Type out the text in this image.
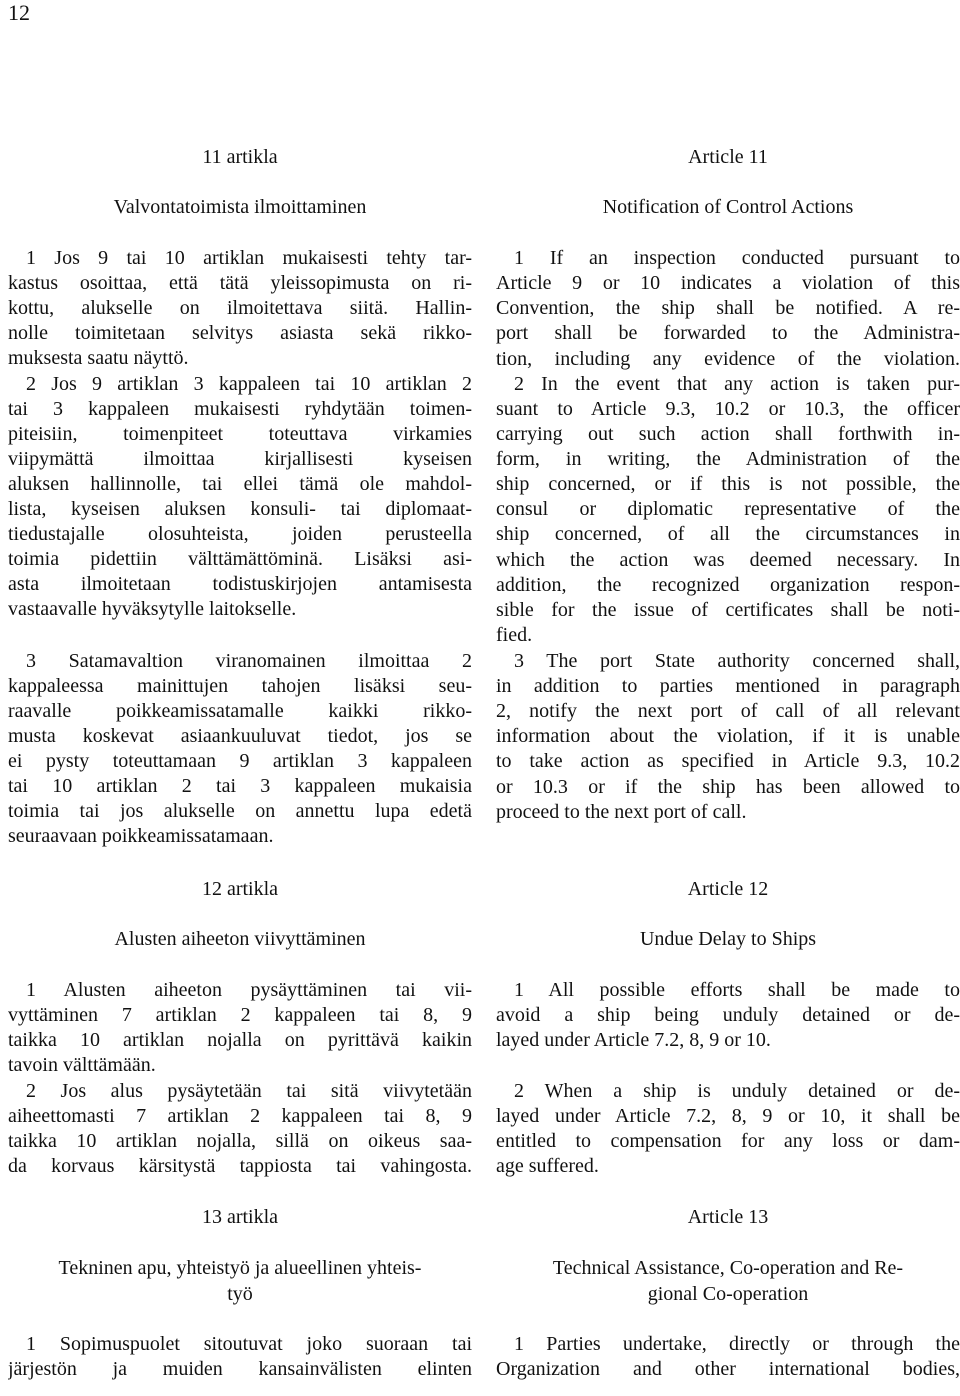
12
11 artikla
Valvontatoimista ilmoittaminen
1 Jos 9 tai 10 artiklan mukaisesti tehty tar-
kastus osoittaa, että tätä yleissopimusta on ri-
kottu, alukselle on ilmoitettava siitä. Hallin-
nolle toimitetaan selvitys asiasta sekä rikko-
muksesta saatu näyttö.
2 Jos 9 artiklan 3 kappaleen tai 10 artiklan 2
tai 3 kappaleen mukaisesti ryhdytään toimen-
piteisiin, toimenpiteet toteuttava virkamies
viipymättä ilmoittaa kirjallisesti kyseisen
aluksen hallinnolle, tai ellei tämä ole mahdol-
lista, kyseisen aluksen konsuli- tai diplomaat-
tiedustajalle olosuhteista, joiden perusteella
toimia pidettiin välttämättöminä. Lisäksi asi-
asta ilmoitetaan todistuskirjojen antamisesta
vastaavalle hyväksytylle laitokselle.
3 Satamavaltion viranomainen ilmoittaa 2
kappaleessa mainittujen tahojen lisäksi seu-
raavalle poikkeamissatamalle kaikki rikko-
musta koskevat asiaankuuluvat tiedot, jos se
ei pysty toteuttamaan 9 artiklan 3 kappaleen
tai 10 artiklan 2 tai 3 kappaleen mukaisia
toimia tai jos alukselle on annettu lupa edetä
seuraavaan poikkeamissatamaan.
12 artikla
Alusten aiheeton viivyttäminen
1 Alusten aiheeton pysäyttäminen tai vii-
vyttäminen 7 artiklan 2 kappaleen tai 8, 9
taikka 10 artiklan nojalla on pyrittävä kaikin
tavoin välttämään.
2 Jos alus pysäytetään tai sitä viivytetään
aiheettomasti 7 artiklan 2 kappaleen tai 8, 9
taikka 10 artiklan nojalla, sillä on oikeus saa-
da korvaus kärsitystä tappiosta tai vahingosta.
13 artikla
Tekninen apu, yhteistyö ja alueellinen yhteis-
työ
1 Sopimuspuolet sitoutuvat joko suoraan tai
järjestön ja muiden kansainvälisten elinten
Article 11
Notification of Control Actions
1 If an inspection conducted pursuant to
Article 9 or 10 indicates a violation of this
Convention, the ship shall be notified. A re-
port shall be forwarded to the Administra-
tion, including any evidence of the violation.
2 In the event that any action is taken pur-
suant to Article 9.3, 10.2 or 10.3, the officer
carrying out such action shall forthwith in-
form, in writing, the Administration of the
ship concerned, or if this is not possible, the
consul or diplomatic representative of the
ship concerned, of all the circumstances in
which the action was deemed necessary. In
addition, the recognized organization respon-
sible for the issue of certificates shall be noti-
fied.
3 The port State authority concerned shall,
in addition to parties mentioned in paragraph
2, notify the next port of call of all relevant
information about the violation, if it is unable
to take action as specified in Article 9.3, 10.2
or 10.3 or if the ship has been allowed to
proceed to the next port of call.
Article 12
Undue Delay to Ships
1 All possible efforts shall be made to
avoid a ship being unduly detained or de-
layed under Article 7.2, 8, 9 or 10.
2 When a ship is unduly detained or de-
layed under Article 7.2, 8, 9 or 10, it shall be
entitled to compensation for any loss or dam-
age suffered.
Article 13
Technical Assistance, Co-operation and Re-
gional Co-operation
1 Parties undertake, directly or through the
Organization and other international bodies,
